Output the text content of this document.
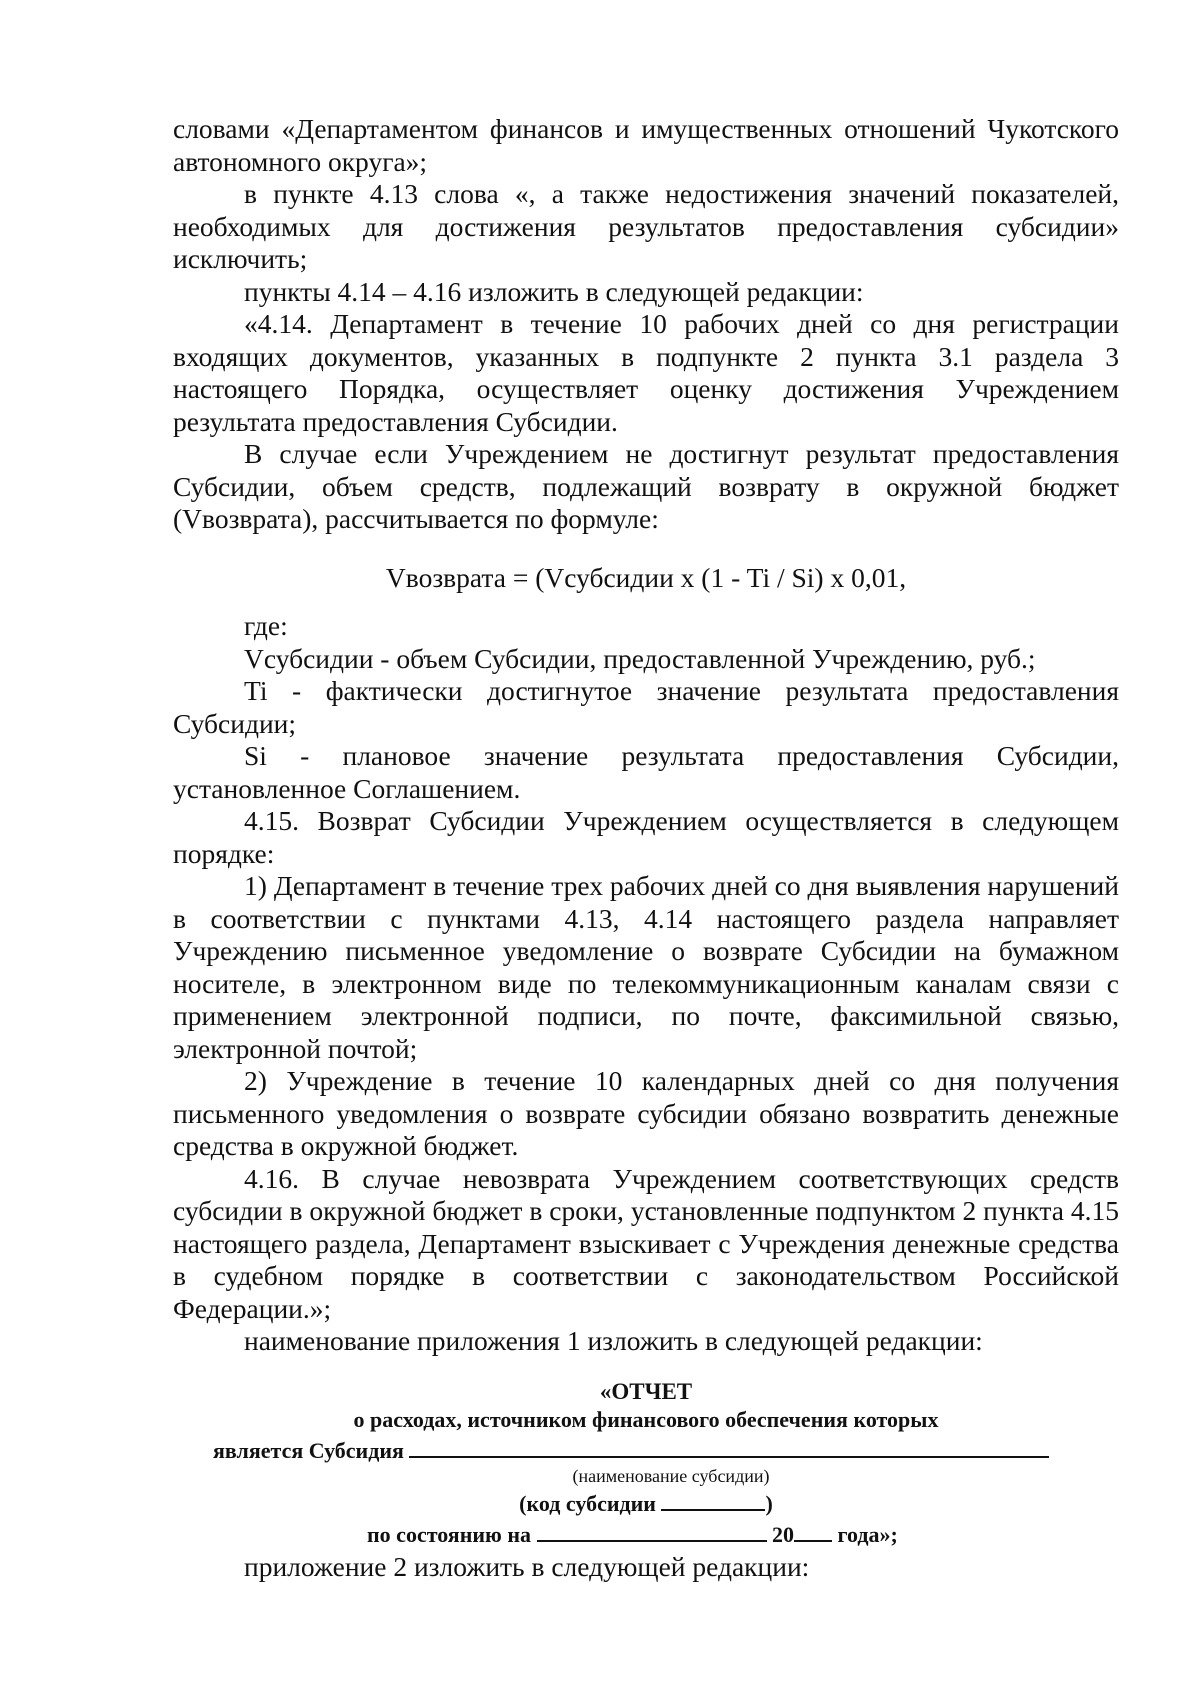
словами «Департаментом финансов и имущественных отношений Чукотского автономного округа»;

в пункте 4.13 слова «, а также недостижения значений показателей, необходимых для достижения результатов предоставления субсидии» исключить;

пункты 4.14 – 4.16 изложить в следующей редакции:

«4.14. Департамент в течение 10 рабочих дней со дня регистрации входящих документов, указанных в подпункте 2 пункта 3.1 раздела 3 настоящего Порядка, осуществляет оценку достижения Учреждением результата предоставления Субсидии.

В случае если Учреждением не достигнут результат предоставления Субсидии, объем средств, подлежащий возврату в окружной бюджет (Vвозврата), рассчитывается по формуле:

Vвозврата = (Vсубсидии x (1 - Ti / Si) x 0,01,

где:

Vсубсидии - объем Субсидии, предоставленной Учреждению, руб.;

Ti - фактически достигнутое значение результата предоставления Субсидии;

Si - плановое значение результата предоставления Субсидии, установленное Соглашением.

4.15. Возврат Субсидии Учреждением осуществляется в следующем порядке:

1) Департамент в течение трех рабочих дней со дня выявления нарушений в соответствии с пунктами 4.13, 4.14 настоящего раздела направляет Учреждению письменное уведомление о возврате Субсидии на бумажном носителе, в электронном виде по телекоммуникационным каналам связи с применением электронной подписи, по почте, факсимильной связью, электронной почтой;

2) Учреждение в течение 10 календарных дней со дня получения письменного уведомления о возврате субсидии обязано возвратить денежные средства в окружной бюджет.

4.16. В случае невозврата Учреждением соответствующих средств субсидии в окружной бюджет в сроки, установленные подпунктом 2 пункта 4.15 настоящего раздела, Департамент взыскивает с Учреждения денежные средства в судебном порядке в соответствии с законодательством Российской Федерации.»;

наименование приложения 1 изложить в следующей редакции:

«ОТЧЕТ
о расходах, источником финансового обеспечения которых
является Субсидия
(наименование субсидии)
(код субсидии	)
по состоянию на	20 года»;

приложение 2 изложить в следующей редакции:
